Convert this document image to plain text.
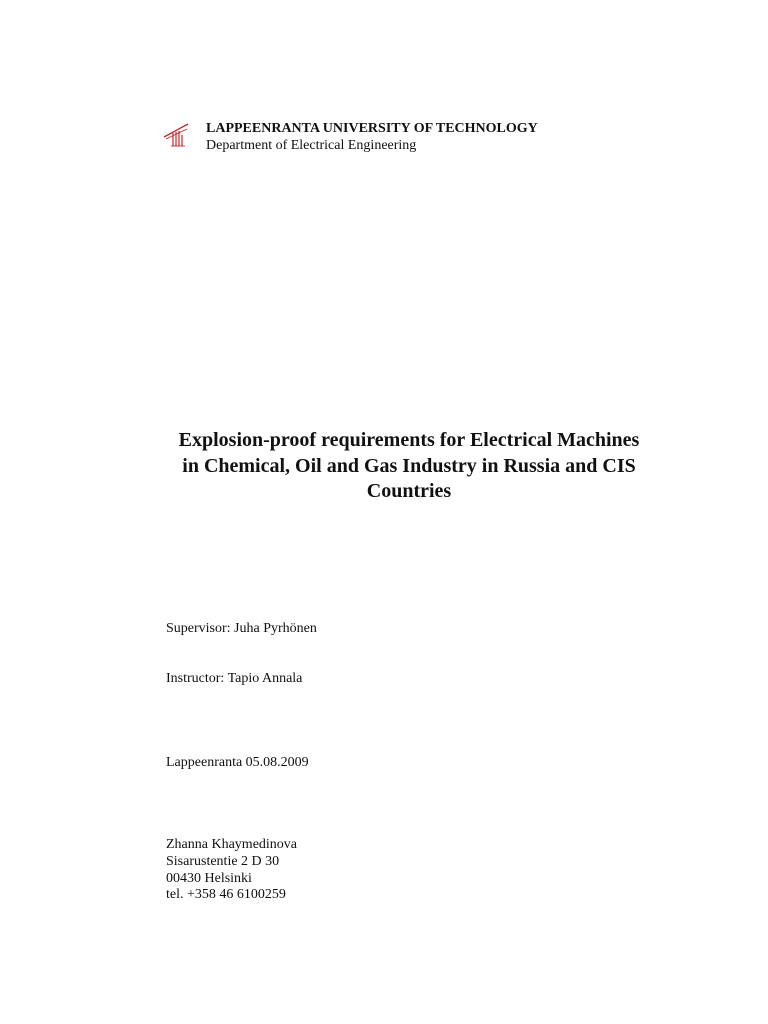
LAPPEENRANTA UNIVERSITY OF TECHNOLOGY
Department of Electrical Engineering
Explosion-proof requirements for Electrical Machines
in Chemical, Oil and Gas Industry in Russia and CIS
Countries
Supervisor: Juha Pyrhönen
Instructor: Tapio Annala
Lappeenranta 05.08.2009
Zhanna Khaymedinova
Sisarustentie 2 D 30
00430 Helsinki
tel. +358 46 6100259
